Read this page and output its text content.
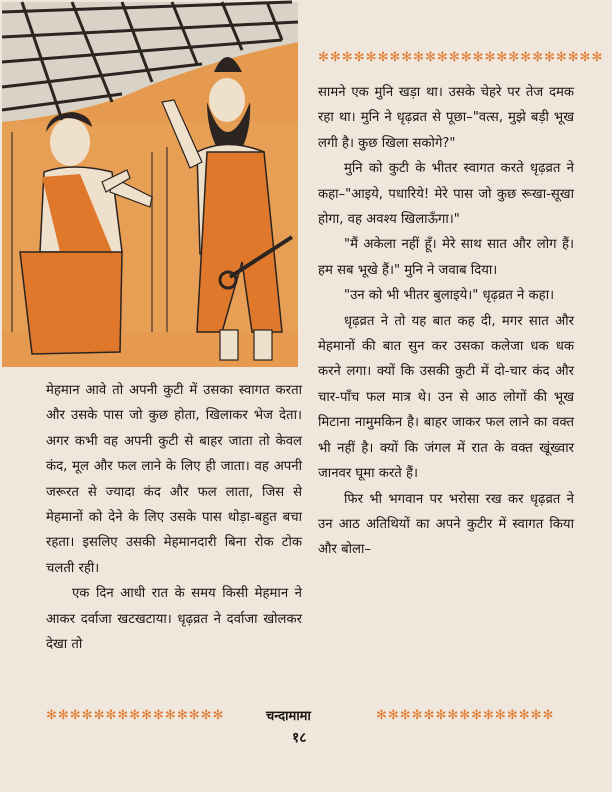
✻✻✻✻✻✻✻✻✻✻✻✻✻✻✻✻✻✻✻✻✻✻✻✻

सामने एक मुनि खड़ा था। उसके चेहरे पर तेज दमक रहा था। मुनि ने धृढ़व्रत से पूछा–"वत्स, मुझे बड़ी भूख लगी है। कुछ खिला सकोगे?"

मुनि को कुटी के भीतर स्वागत करते धृढ़व्रत ने कहा–"आइये, पधारिये! मेरे पास जो कुछ रूखा-सूखा होगा, वह अवश्य खिलाऊँगा।"

"मैं अकेला नहीं हूँ। मेरे साथ सात और लोग हैं। हम सब भूखे हैं।" मुनि ने जवाब दिया।

"उन को भी भीतर बुलाइये।" धृढ़व्रत ने कहा।

धृढ़व्रत ने तो यह बात कह दी, मगर सात और मेहमानों की बात सुन कर उसका कलेजा धक धक करने लगा। क्यों कि उसकी कुटी में दो-चार कंद और चार-पाँच फल मात्र थे। उन से आठ लोगों की भूख मिटाना नामुमकिन है। बाहर जाकर फल लाने का वक्त भी नहीं है। क्यों कि जंगल में रात के वक्त खूंख्वार जानवर घूमा करते हैं।

फिर भी भगवान पर भरोसा रख कर धृढ़व्रत ने उन आठ अतिथियों का अपने कुटीर में स्वागत किया और बोला–

मेहमान आवे तो अपनी कुटी में उसका स्वागत करता और उसके पास जो कुछ होता, खिलाकर भेज देता। अगर कभी वह अपनी कुटी से बाहर जाता तो केवल कंद, मूल और फल लाने के लिए ही जाता। वह अपनी जरूरत से ज्यादा कंद और फल लाता, जिस से मेहमानों को देने के लिए उसके पास थोड़ा-बहुत बचा रहता। इसलिए उसकी मेहमानदारी बिना रोक टोक चलती रही।

एक दिन आधी रात के समय किसी मेहमान ने आकर दर्वाजा खटखटाया। धृढ़व्रत ने दर्वाजा खोलकर देखा तो

✻✻✻✻✻✻✻✻✻✻✻✻✻✻✻	चन्दामामा	✻✻✻✻✻✻✻✻✻✻✻✻✻✻✻
१८
